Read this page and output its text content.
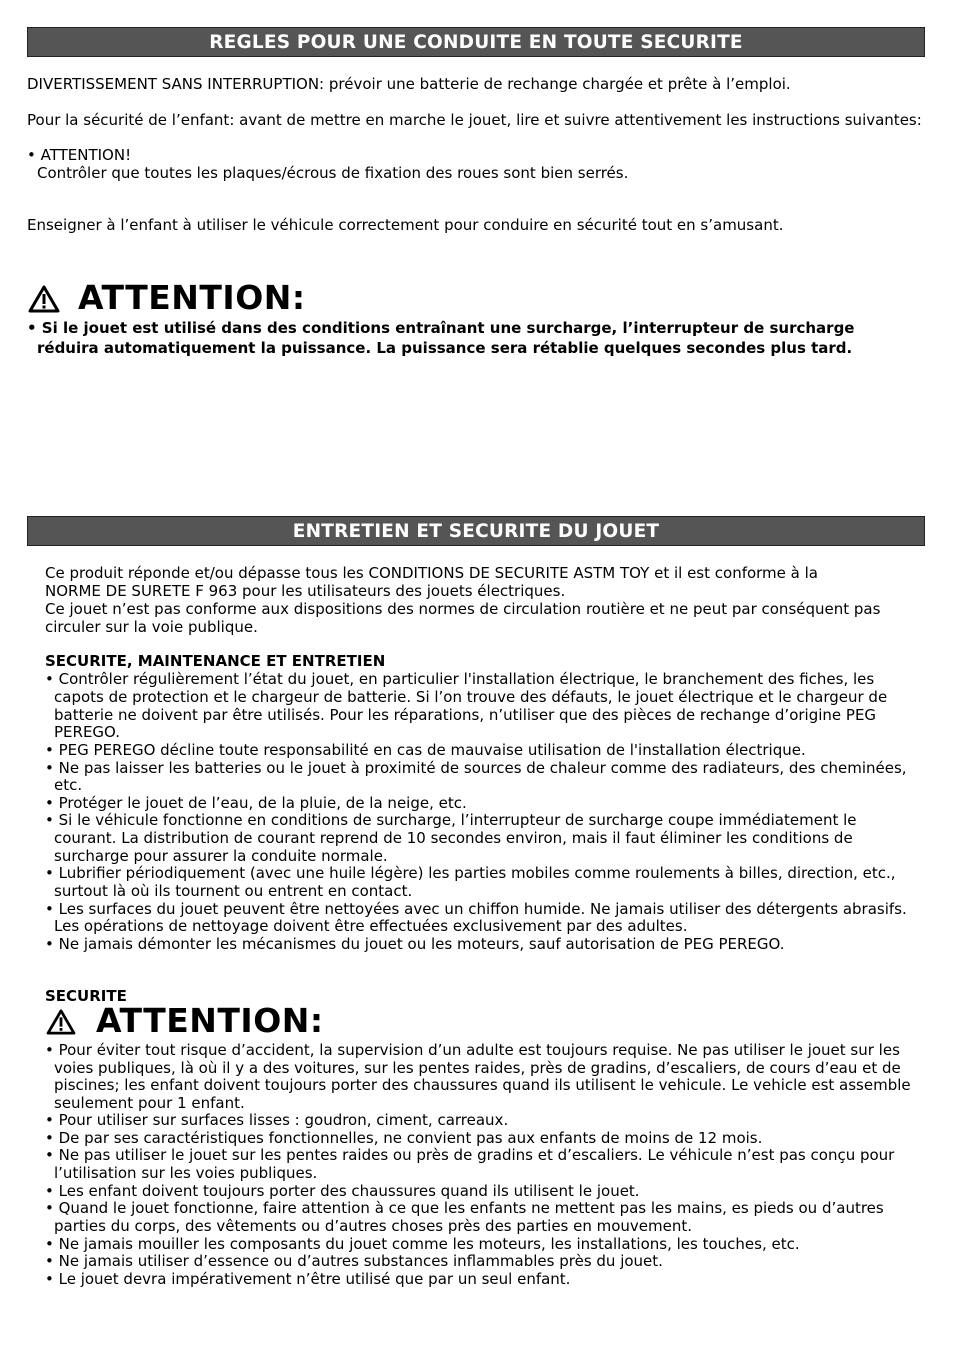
REGLES POUR UNE CONDUITE EN TOUTE SECURITE
DIVERTISSEMENT SANS INTERRUPTION: prévoir une batterie de rechange chargée et prête à l’emploi.
Pour la sécurité de l’enfant: avant de mettre en marche le jouet, lire et suivre attentivement les instructions suivantes:
• ATTENTION!
Contrôler que toutes les plaques/écrous de fixation des roues sont bien serrés.
Enseigner à l’enfant à utiliser le véhicule correctement pour conduire en sécurité tout en s’amusant.
ATTENTION:
• Si le jouet est utilisé dans des conditions entraînant une surcharge, l’interrupteur de surcharge
réduira automatiquement la puissance. La puissance sera rétablie quelques secondes plus tard.
ENTRETIEN ET SECURITE DU JOUET
Ce produit réponde et/ou dépasse tous les CONDITIONS DE SECURITE ASTM TOY et il est conforme à la
NORME DE SURETE F 963 pour les utilisateurs des jouets électriques.
Ce jouet n’est pas conforme aux dispositions des normes de circulation routière et ne peut par conséquent pas
circuler sur la voie publique.
SECURITE, MAINTENANCE ET ENTRETIEN
• Contrôler régulièrement l’état du jouet, en particulier l'installation électrique, le branchement des fiches, les
capots de protection et le chargeur de batterie. Si l’on trouve des défauts, le jouet électrique et le chargeur de
batterie ne doivent par être utilisés. Pour les réparations, n’utiliser que des pièces de rechange d’origine PEG
PEREGO.
• PEG PEREGO décline toute responsabilité en cas de mauvaise utilisation de l'installation électrique.
• Ne pas laisser les batteries ou le jouet à proximité de sources de chaleur comme des radiateurs, des cheminées,
etc.
• Protéger le jouet de l’eau, de la pluie, de la neige, etc.
• Si le véhicule fonctionne en conditions de surcharge, l’interrupteur de surcharge coupe immédiatement le
courant. La distribution de courant reprend de 10 secondes environ, mais il faut éliminer les conditions de
surcharge pour assurer la conduite normale.
• Lubrifier périodiquement (avec une huile légère) les parties mobiles comme roulements à billes, direction, etc.,
surtout là où ils tournent ou entrent en contact.
• Les surfaces du jouet peuvent être nettoyées avec un chiffon humide. Ne jamais utiliser des détergents abrasifs.
Les opérations de nettoyage doivent être effectuées exclusivement par des adultes.
• Ne jamais démonter les mécanismes du jouet ou les moteurs, sauf autorisation de PEG PEREGO.
SECURITE
ATTENTION:
• Pour éviter tout risque d’accident, la supervision d’un adulte est toujours requise. Ne pas utiliser le jouet sur les
voies publiques, là où il y a des voitures, sur les pentes raides, près de gradins, d’escaliers, de cours d’eau et de
piscines; les enfant doivent toujours porter des chaussures quand ils utilisent le vehicule. Le vehicle est assemble
seulement pour 1 enfant.
• Pour utiliser sur surfaces lisses : goudron, ciment, carreaux.
• De par ses caractéristiques fonctionnelles, ne convient pas aux enfants de moins de 12 mois.
• Ne pas utiliser le jouet sur les pentes raides ou près de gradins et d’escaliers. Le véhicule n’est pas conçu pour
l’utilisation sur les voies publiques.
• Les enfant doivent toujours porter des chaussures quand ils utilisent le jouet.
• Quand le jouet fonctionne, faire attention à ce que les enfants ne mettent pas les mains, es pieds ou d’autres
parties du corps, des vêtements ou d’autres choses près des parties en mouvement.
• Ne jamais mouiller les composants du jouet comme les moteurs, les installations, les touches, etc.
• Ne jamais utiliser d’essence ou d’autres substances inflammables près du jouet.
• Le jouet devra impérativement n’être utilisé que par un seul enfant.
